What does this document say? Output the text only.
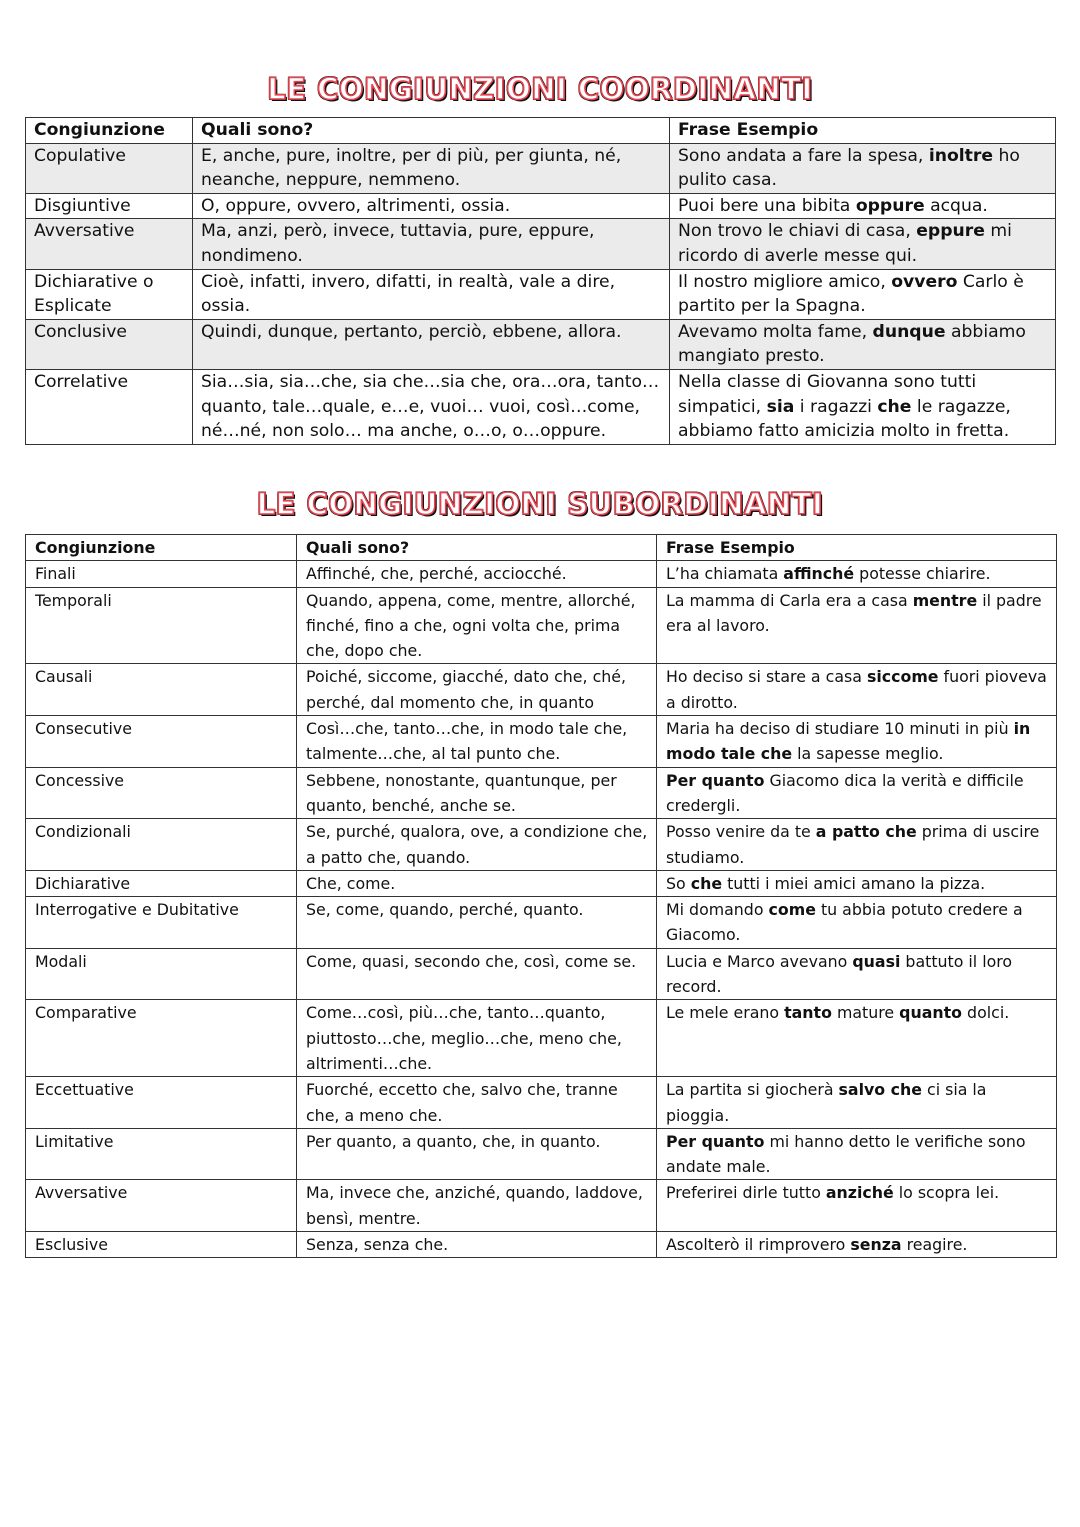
LE CONGIUNZIONI COORDINANTI
Congiunzione	Quali sono?	Frase Esempio
Copulative	E, anche, pure, inoltre, per di più, per giunta, né, neanche, neppure, nemmeno.	Sono andata a fare la spesa, inoltre ho pulito casa.
Disgiuntive	O, oppure, ovvero, altrimenti, ossia.	Puoi bere una bibita oppure acqua.
Avversative	Ma, anzi, però, invece, tuttavia, pure, eppure, nondimeno.	Non trovo le chiavi di casa, eppure mi ricordo di averle messe qui.
Dichiarative o Esplicate	Cioè, infatti, invero, difatti, in realtà, vale a dire, ossia.	Il nostro migliore amico, ovvero Carlo è partito per la Spagna.
Conclusive	Quindi, dunque, pertanto, perciò, ebbene, allora.	Avevamo molta fame, dunque abbiamo mangiato presto.
Correlative	Sia…sia, sia…che, sia che…sia che, ora…ora, tanto…quanto, tale…quale, e…e, vuoi… vuoi, così…come, né…né, non solo… ma anche, o…o, o…oppure.	Nella classe di Giovanna sono tutti simpatici, sia i ragazzi che le ragazze, abbiamo fatto amicizia molto in fretta.
LE CONGIUNZIONI SUBORDINANTI
Congiunzione	Quali sono?	Frase Esempio
Finali	Affinché, che, perché, acciocché.	L’ha chiamata affinché potesse chiarire.
Temporali	Quando, appena, come, mentre, allorché, finché, fino a che, ogni volta che, prima che, dopo che.	La mamma di Carla era a casa mentre il padre era al lavoro.
Causali	Poiché, siccome, giacché, dato che, ché, perché, dal momento che, in quanto	Ho deciso si stare a casa siccome fuori pioveva a dirotto.
Consecutive	Così…che, tanto…che, in modo tale che, talmente…che, al tal punto che.	Maria ha deciso di studiare 10 minuti in più in modo tale che la sapesse meglio.
Concessive	Sebbene, nonostante, quantunque, per quanto, benché, anche se.	Per quanto Giacomo dica la verità e difficile credergli.
Condizionali	Se, purché, qualora, ove, a condizione che, a patto che, quando.	Posso venire da te a patto che prima di uscire studiamo.
Dichiarative	Che, come.	So che tutti i miei amici amano la pizza.
Interrogative e Dubitative	Se, come, quando, perché, quanto.	Mi domando come tu abbia potuto credere a Giacomo.
Modali	Come, quasi, secondo che, così, come se.	Lucia e Marco avevano quasi battuto il loro record.
Comparative	Come…così, più…che, tanto…quanto, piuttosto…che, meglio…che, meno che, altrimenti…che.	Le mele erano tanto mature quanto dolci.
Eccettuative	Fuorché, eccetto che, salvo che, tranne che, a meno che.	La partita si giocherà salvo che ci sia la pioggia.
Limitative	Per quanto, a quanto, che, in quanto.	Per quanto mi hanno detto le verifiche sono andate male.
Avversative	Ma, invece che, anziché, quando, laddove, bensì, mentre.	Preferirei dirle tutto anziché lo scopra lei.
Esclusive	Senza, senza che.	Ascolterò il rimprovero senza reagire.
